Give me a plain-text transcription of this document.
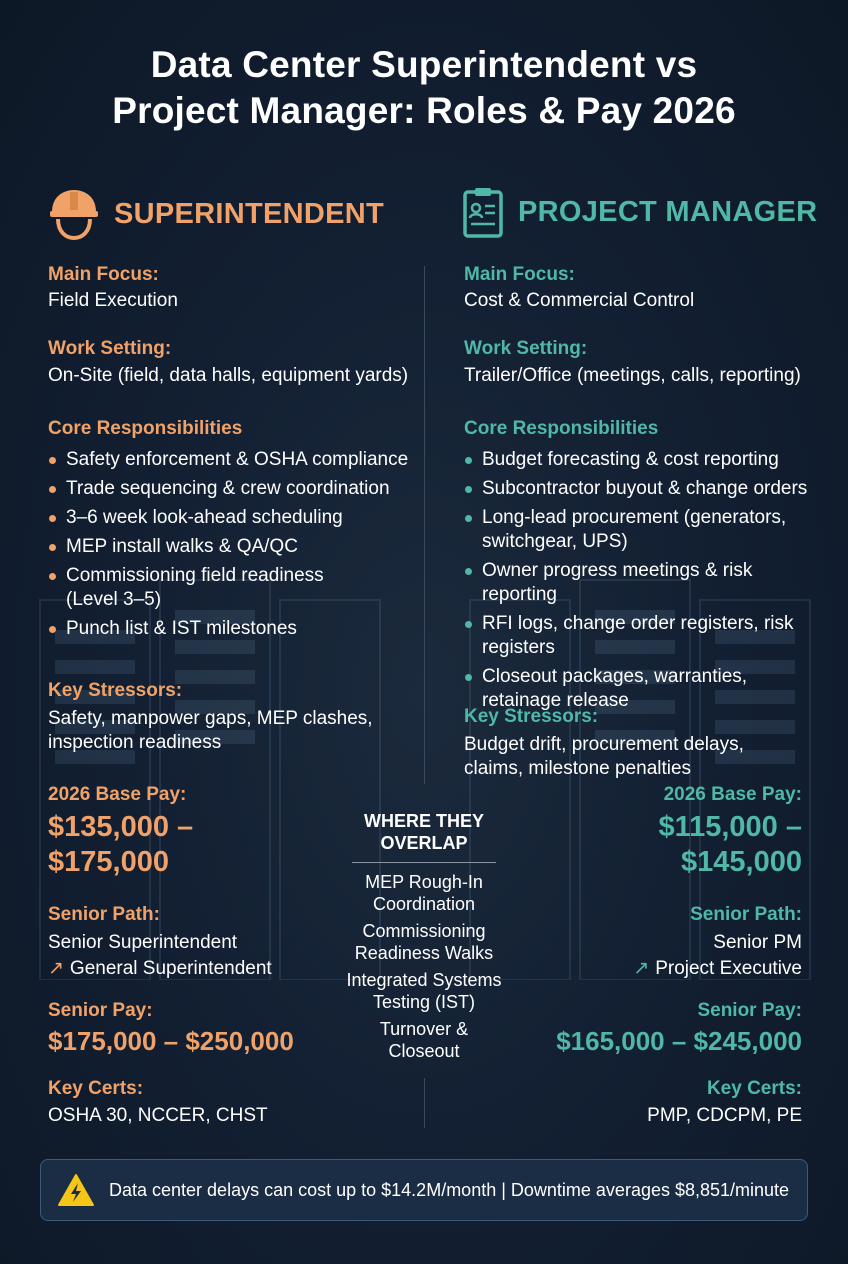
Data Center Superintendent vs
Project Manager: Roles & Pay 2026
SUPERINTENDENT	PROJECT MANAGER
Main Focus:
Field Execution
Work Setting:
On-Site (field, data halls, equipment yards)
Core Responsibilities
Safety enforcement & OSHA compliance
Trade sequencing & crew coordination
3–6 week look-ahead scheduling
MEP install walks & QA/QC
Commissioning field readiness
(Level 3–5)
Punch list & IST milestones
Key Stressors:
Safety, manpower gaps, MEP clashes,
inspection readiness
2026 Base Pay:
$135,000 –
$175,000
Senior Path:
Senior Superintendent
↗ General Superintendent
Senior Pay:
$175,000 – $250,000
Key Certs:
OSHA 30, NCCER, CHST
Main Focus:
Cost & Commercial Control
Work Setting:
Trailer/Office (meetings, calls, reporting)
Core Responsibilities
Budget forecasting & cost reporting
Subcontractor buyout & change orders
Long-lead procurement (generators,
switchgear, UPS)
Owner progress meetings & risk
reporting
RFI logs, change order registers, risk
registers
Closeout packages, warranties,
retainage release
Key Stressors:
Budget drift, procurement delays,
claims, milestone penalties
2026 Base Pay:
$115,000 –
$145,000
Senior Path:
Senior PM
↗ Project Executive
Senior Pay:
$165,000 – $245,000
Key Certs:
PMP, CDCPM, PE
WHERE THEY
OVERLAP
MEP Rough-In
Coordination
Commissioning
Readiness Walks
Integrated Systems
Testing (IST)
Turnover &
Closeout
Data center delays can cost up to $14.2M/month | Downtime averages $8,851/minute
